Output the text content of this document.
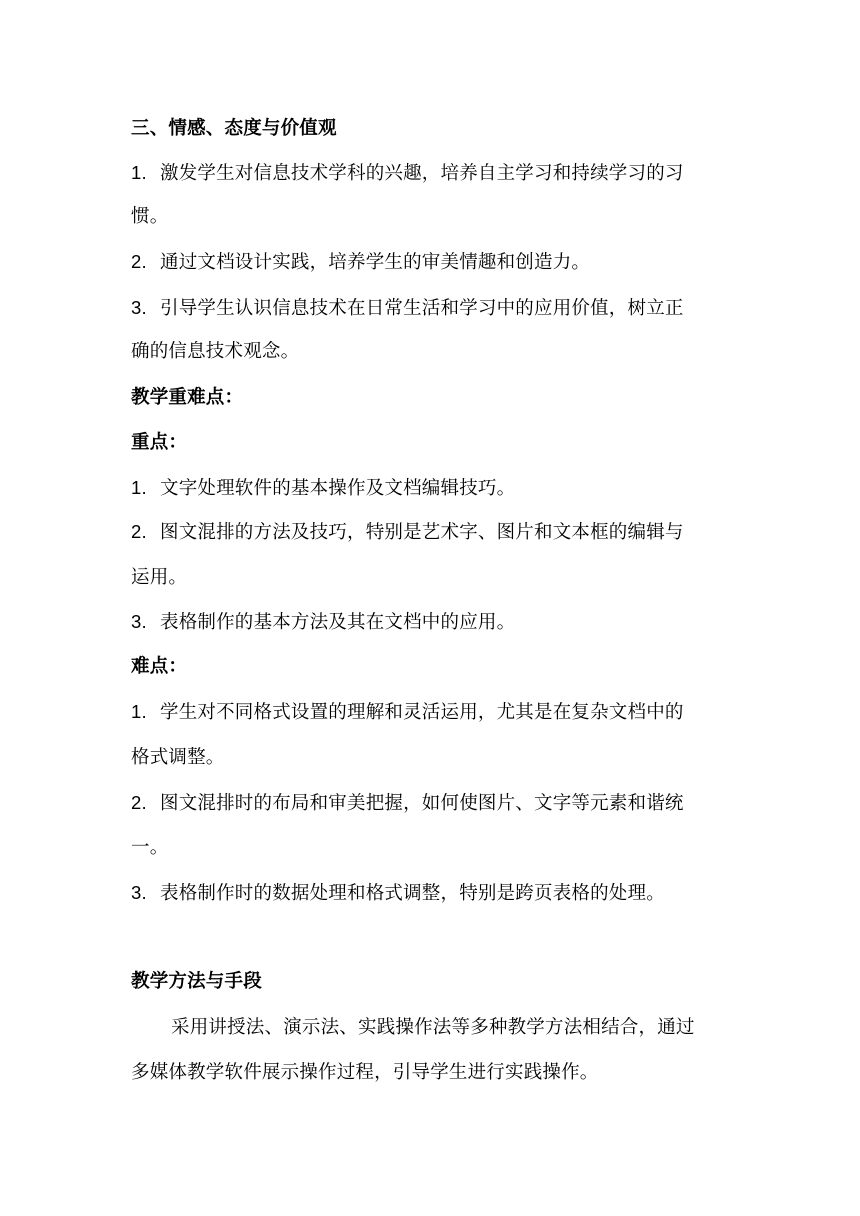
三、情感、态度与价值观
1. 激发学生对信息技术学科的兴趣，培养自主学习和持续学习的习
惯。
2. 通过文档设计实践，培养学生的审美情趣和创造力。
3. 引导学生认识信息技术在日常生活和学习中的应用价值，树立正
确的信息技术观念。
教学重难点：
重点：
1. 文字处理软件的基本操作及文档编辑技巧。
2. 图文混排的方法及技巧，特别是艺术字、图片和文本框的编辑与
运用。
3. 表格制作的基本方法及其在文档中的应用。
难点：
1. 学生对不同格式设置的理解和灵活运用，尤其是在复杂文档中的
格式调整。
2. 图文混排时的布局和审美把握，如何使图片、文字等元素和谐统
一。
3. 表格制作时的数据处理和格式调整，特别是跨页表格的处理。
教学方法与手段
采用讲授法、演示法、实践操作法等多种教学方法相结合，通过
多媒体教学软件展示操作过程，引导学生进行实践操作。
